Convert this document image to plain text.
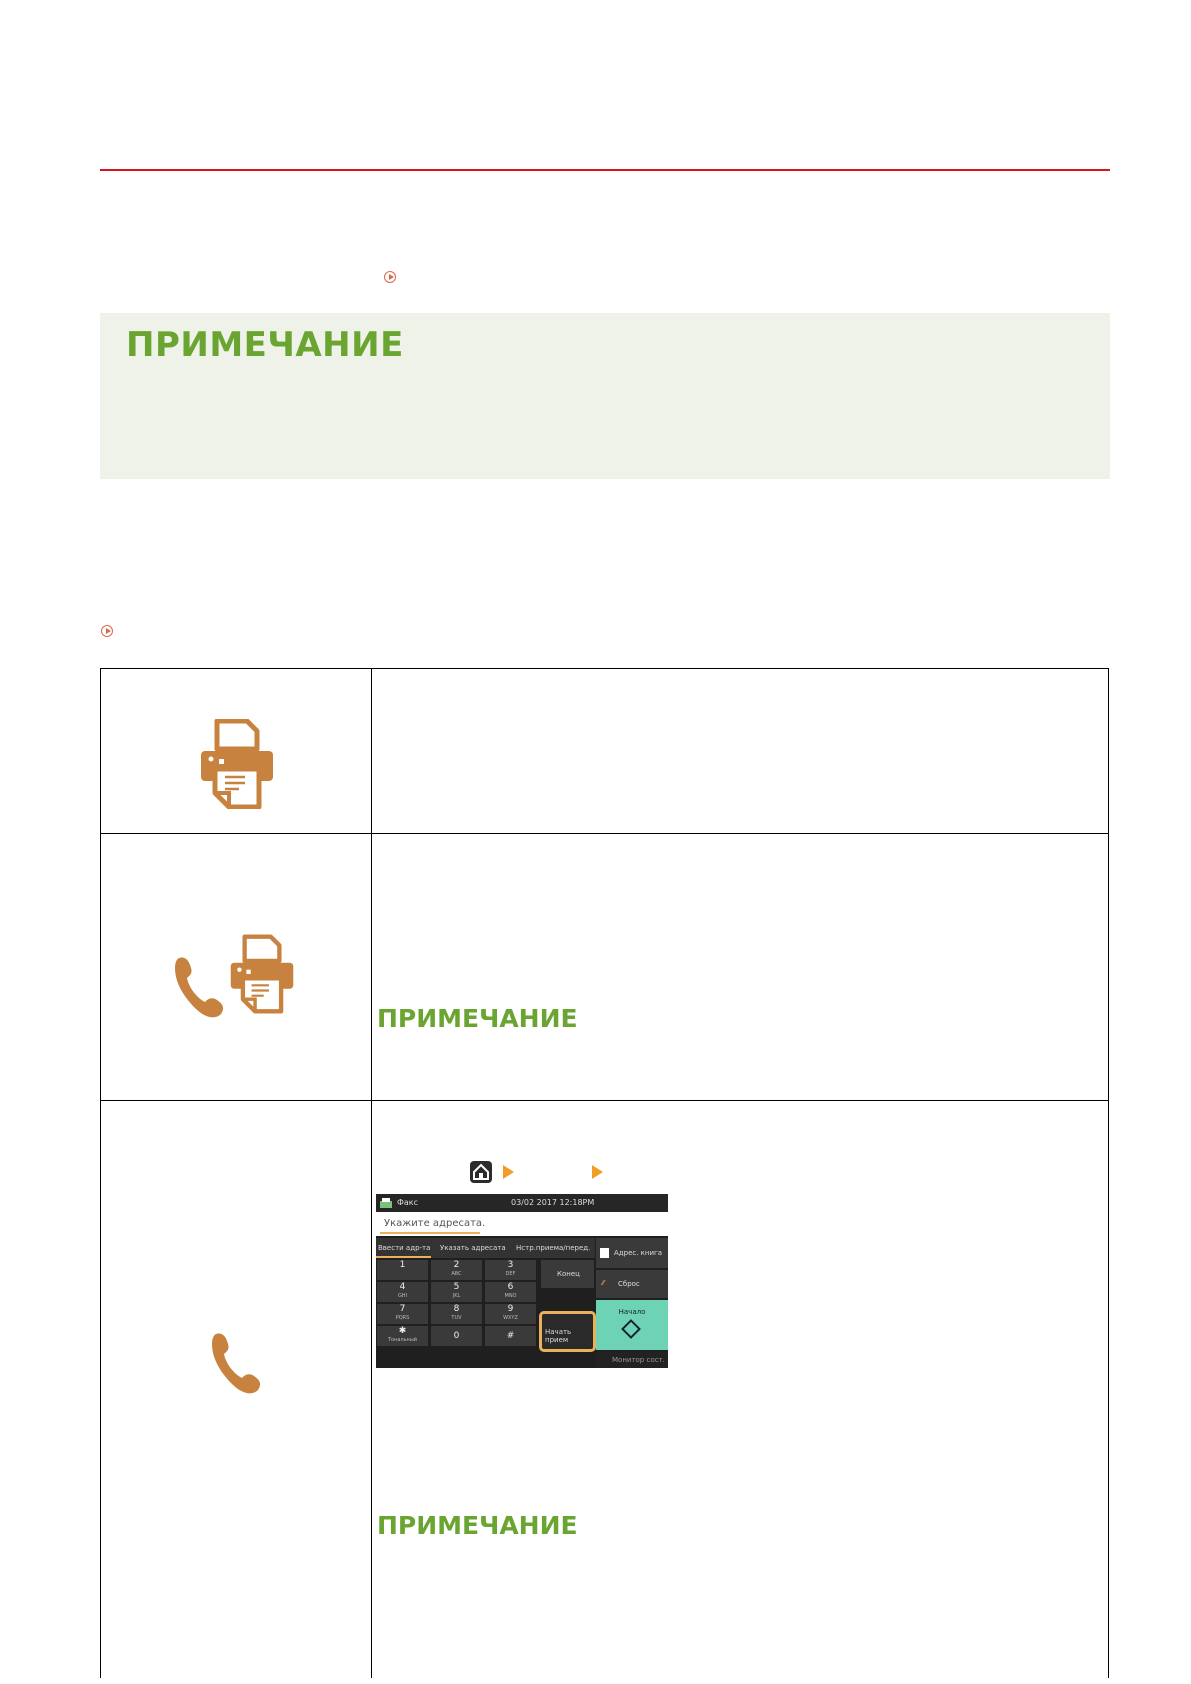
ПРИМЕЧАНИЕ
ПРИМЕЧАНИЕ
Факс	03/02 2017 12:18PM
Укажите адресата.
Ввести адр-та Указать адресата Нстр.приема/перед.
Адрес. книга
⁄⁄ Сброс
Начало
Монитор сост.
Конец
Начать прием
1	2
ABC
3
DEF
4
GHI
5
JKL
6
MNO
7
PQRS
8
TUV
9
WXYZ
✱
Тональный	0	#
ПРИМЕЧАНИЕ
